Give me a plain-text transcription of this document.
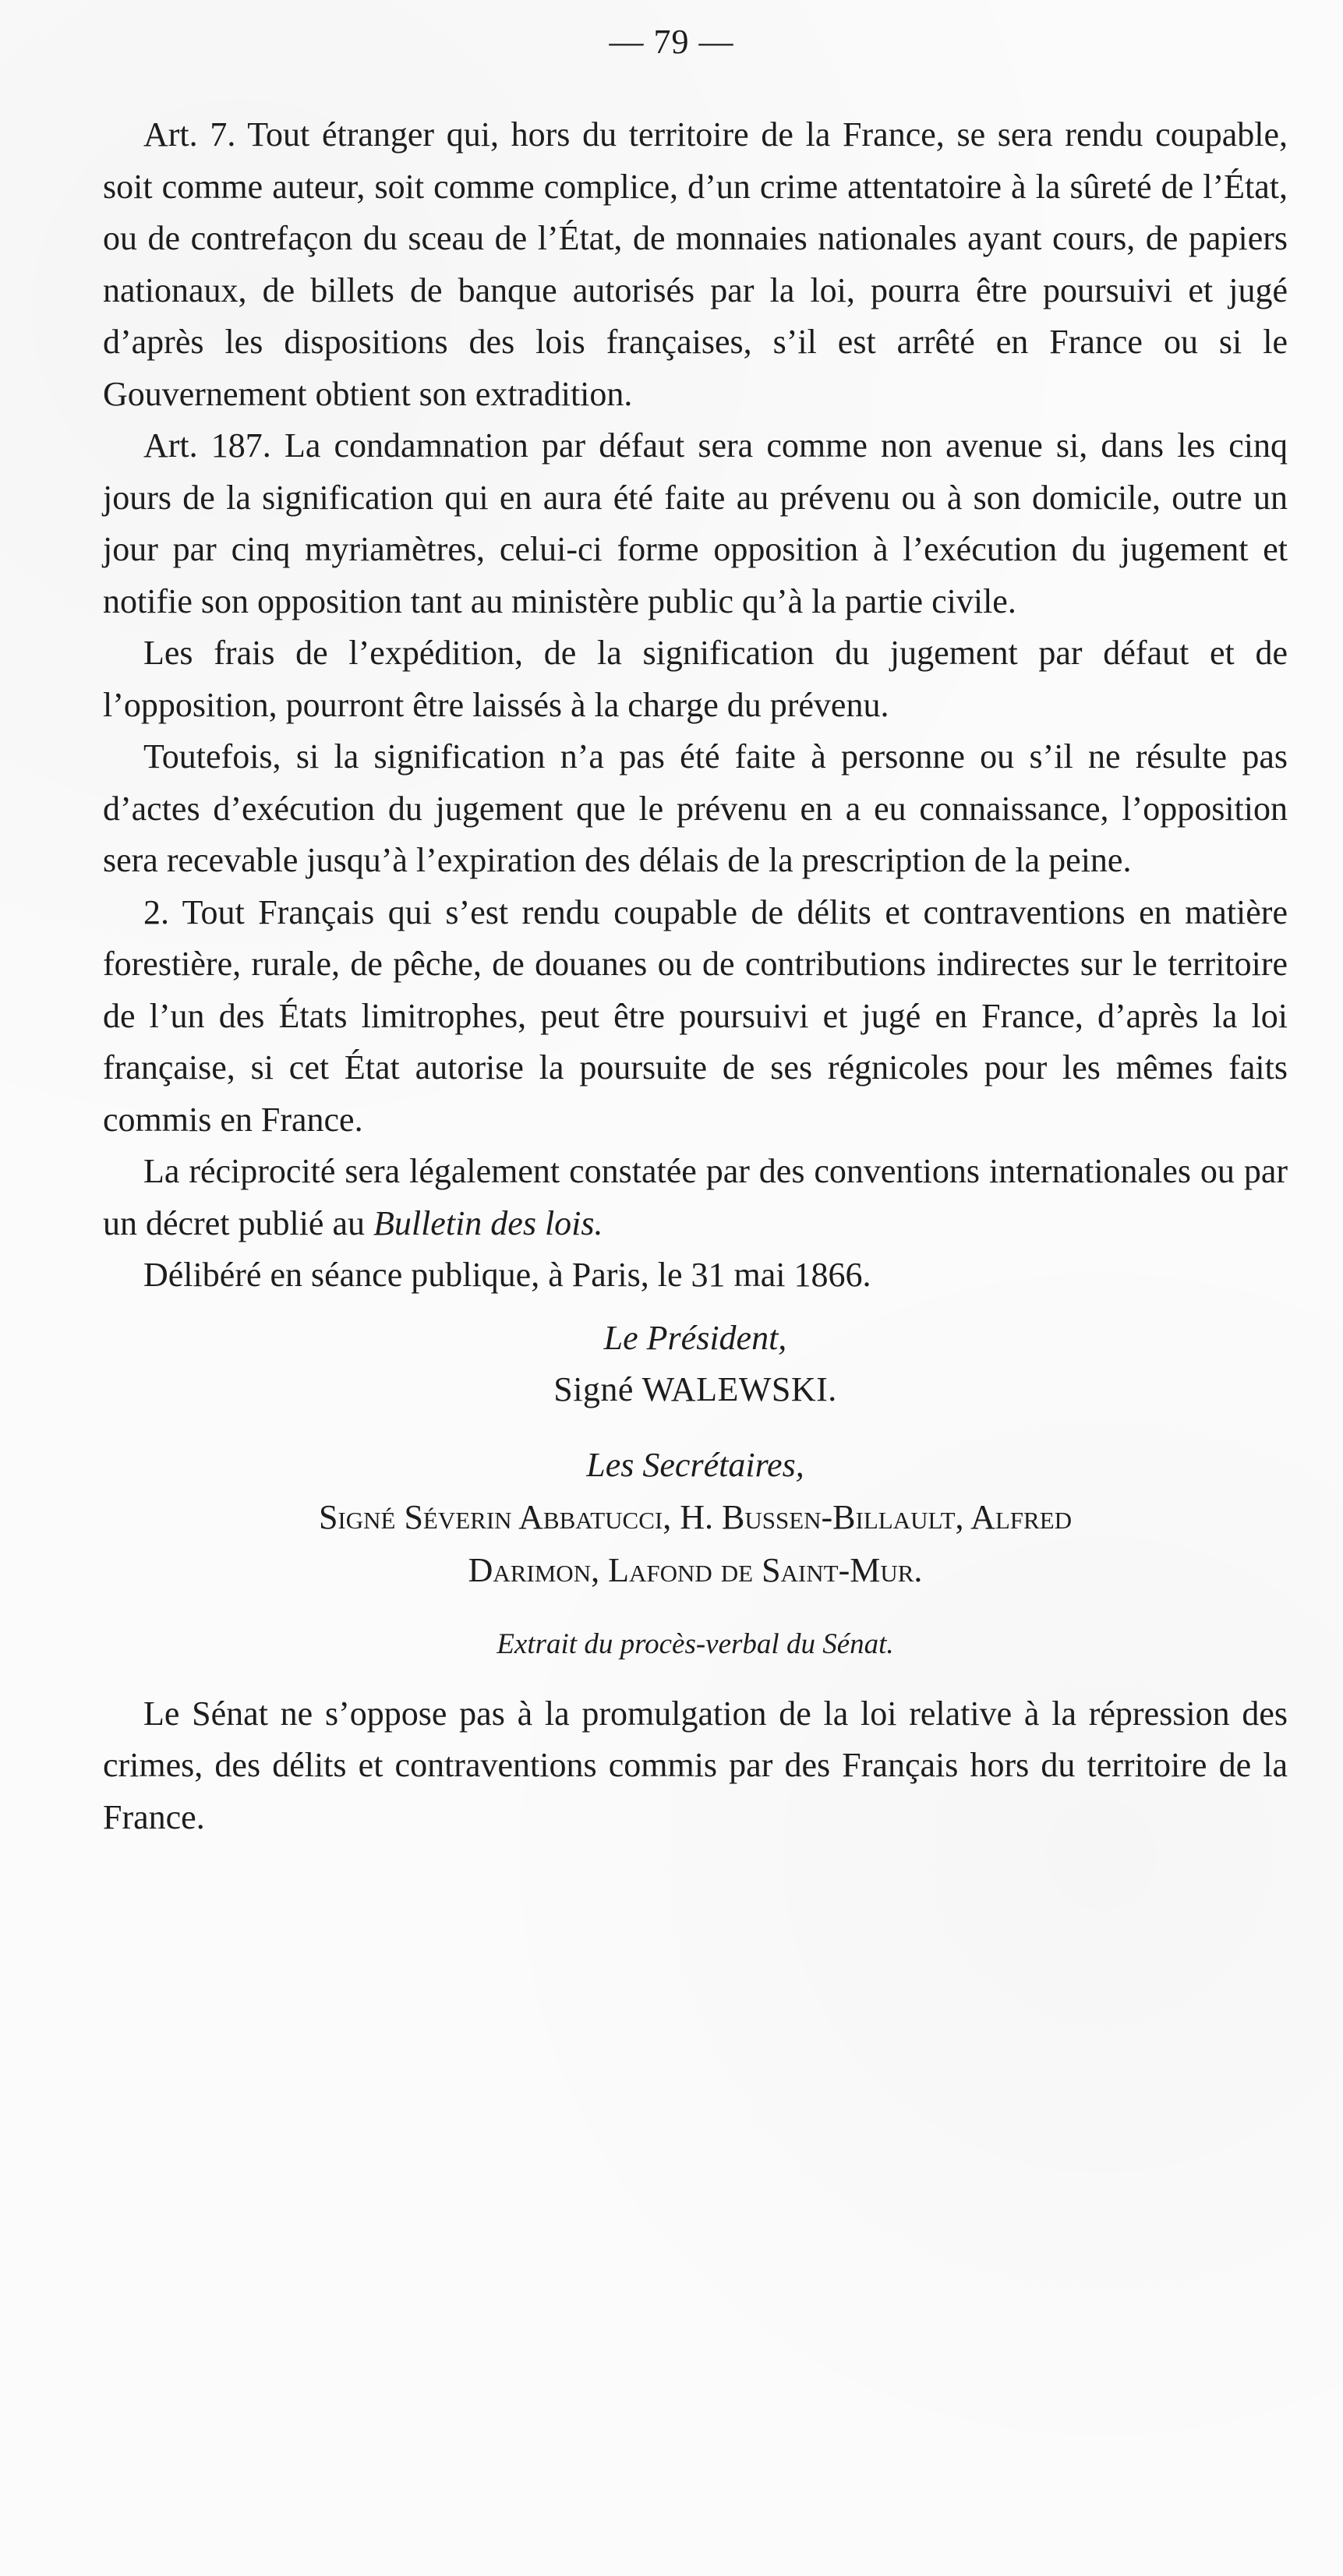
— 79 —

Art. 7. Tout étranger qui, hors du territoire de la France, se sera rendu coupable, soit comme auteur, soit comme complice, d’un crime attentatoire à la sûreté de l’État, ou de contrefaçon du sceau de l’État, de monnaies nationales ayant cours, de papiers nationaux, de billets de banque autorisés par la loi, pourra être poursuivi et jugé d’après les dispositions des lois françaises, s’il est arrêté en France ou si le Gouvernement obtient son extradition.

Art. 187. La condamnation par défaut sera comme non avenue si, dans les cinq jours de la signification qui en aura été faite au prévenu ou à son domicile, outre un jour par cinq myriamètres, celui-ci forme opposition à l’exécution du jugement et notifie son opposition tant au ministère public qu’à la partie civile.

Les frais de l’expédition, de la signification du jugement par défaut et de l’opposition, pourront être laissés à la charge du prévenu.

Toutefois, si la signification n’a pas été faite à personne ou s’il ne résulte pas d’actes d’exécution du jugement que le prévenu en a eu connaissance, l’opposition sera recevable jusqu’à l’expiration des délais de la prescription de la peine.

2. Tout Français qui s’est rendu coupable de délits et contraventions en matière forestière, rurale, de pêche, de douanes ou de contributions indirectes sur le territoire de l’un des États limitrophes, peut être poursuivi et jugé en France, d’après la loi française, si cet État autorise la poursuite de ses régnicoles pour les mêmes faits commis en France.

La réciprocité sera légalement constatée par des conventions internationales ou par un décret publié au Bulletin des lois.

Délibéré en séance publique, à Paris, le 31 mai 1866.

Le Président,

Signé WALEWSKI.

Les Secrétaires,

Signé Séverin Abbatucci, H. Bussen-Billault, Alfred

Darimon, Lafond de Saint-Mur.

Extrait du procès-verbal du Sénat.

Le Sénat ne s’oppose pas à la promulgation de la loi relative à la répression des crimes, des délits et contraventions commis par des Français hors du territoire de la France.
